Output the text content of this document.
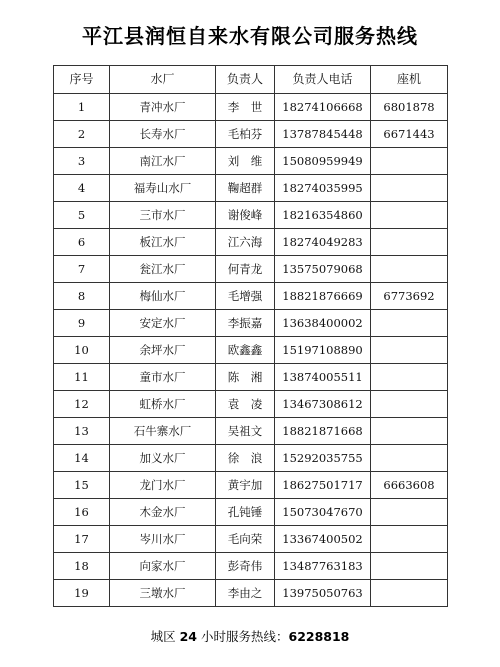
平江县润恒自来水有限公司服务热线
序号	水厂	负责人	负责人电话	座机
1	青冲水厂	李　世	18274106668	6801878
2	长寿水厂	毛柏芬	13787845448	6671443
3	南江水厂	刘　维	15080959949	
4	福寿山水厂	鞠超群	18274035995	
5	三市水厂	谢俊峰	18216354860	
6	板江水厂	江六海	18274049283	
7	瓮江水厂	何青龙	13575079068	
8	梅仙水厂	毛增强	18821876669	6773692
9	安定水厂	李振嘉	13638400002	
10	余坪水厂	欧鑫鑫	15197108890	
11	童市水厂	陈　湘	13874005511	
12	虹桥水厂	袁　凌	13467308612	
13	石牛寨水厂	吴祖文	18821871668	
14	加义水厂	徐　浪	15292035755	
15	龙门水厂	黄宇加	18627501717	6663608
16	木金水厂	孔钝锤	15073047670	
17	岑川水厂	毛向荣	13367400502	
18	向家水厂	彭奇伟	13487763183	
19	三墩水厂	李由之	13975050763	
城区 24 小时服务热线：6228818
